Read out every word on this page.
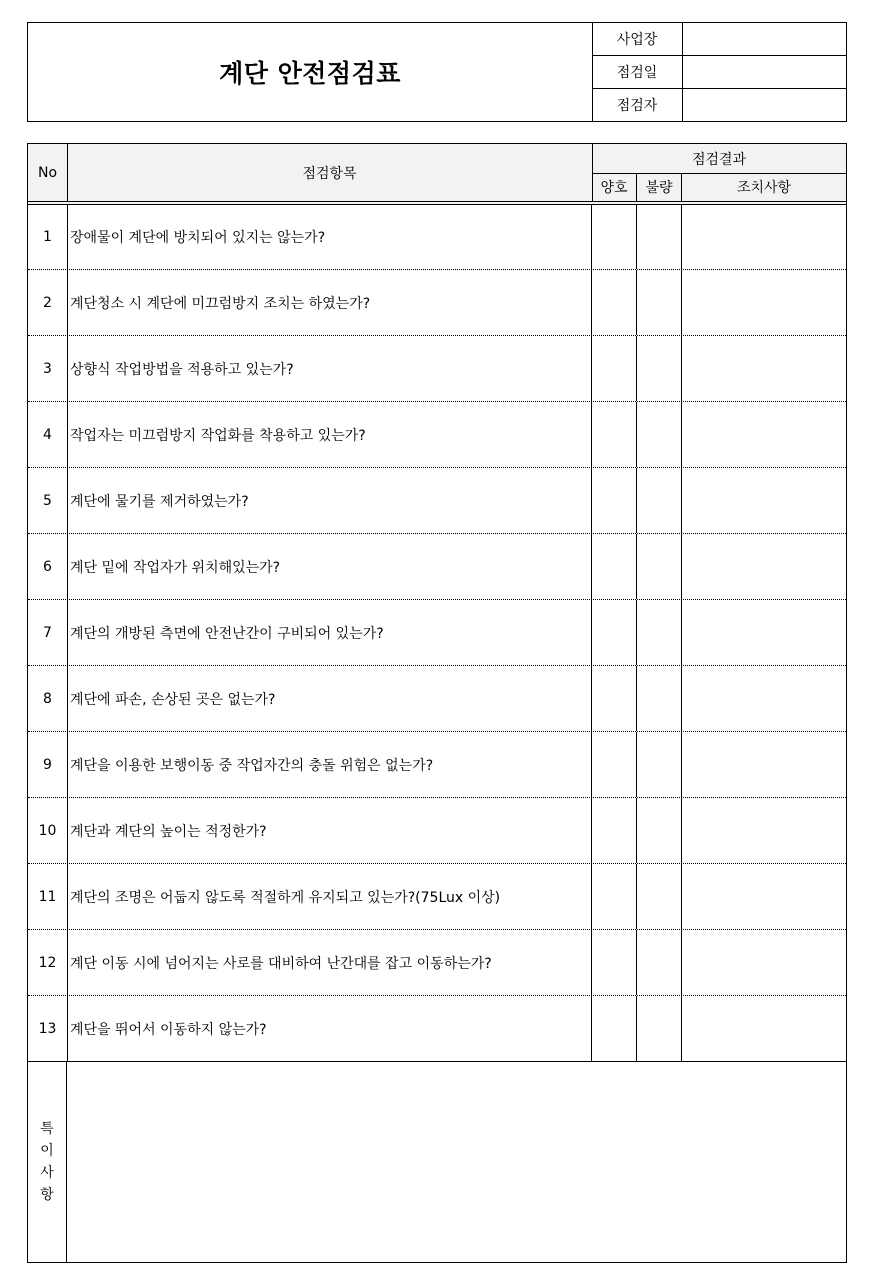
계단 안전점검표
사업장
점검일
점검자
No	점검항목
점검결과
양호	불량	조치사항
1	장애물이 계단에 방치되어 있지는 않는가?
2	계단청소 시 계단에 미끄럼방지 조치는 하였는가?
3	상향식 작업방법을 적용하고 있는가?
4	작업자는 미끄럼방지 작업화를 착용하고 있는가?
5	계단에 물기를 제거하였는가?
6	계단 밑에 작업자가 위치해있는가?
7	계단의 개방된 측면에 안전난간이 구비되어 있는가?
8	계단에 파손, 손상된 곳은 없는가?
9	계단을 이용한 보행이동 중 작업자간의 충돌 위험은 없는가?
10 계단과 계단의 높이는 적정한가?
11 계단의 조명은 어둡지 않도록 적절하게 유지되고 있는가?(75Lux 이상)
12 계단 이동 시에 넘어지는 사로를 대비하여 난간대를 잡고 이동하는가?
13 계단을 뛰어서 이동하지 않는가?
특
이
사
항
